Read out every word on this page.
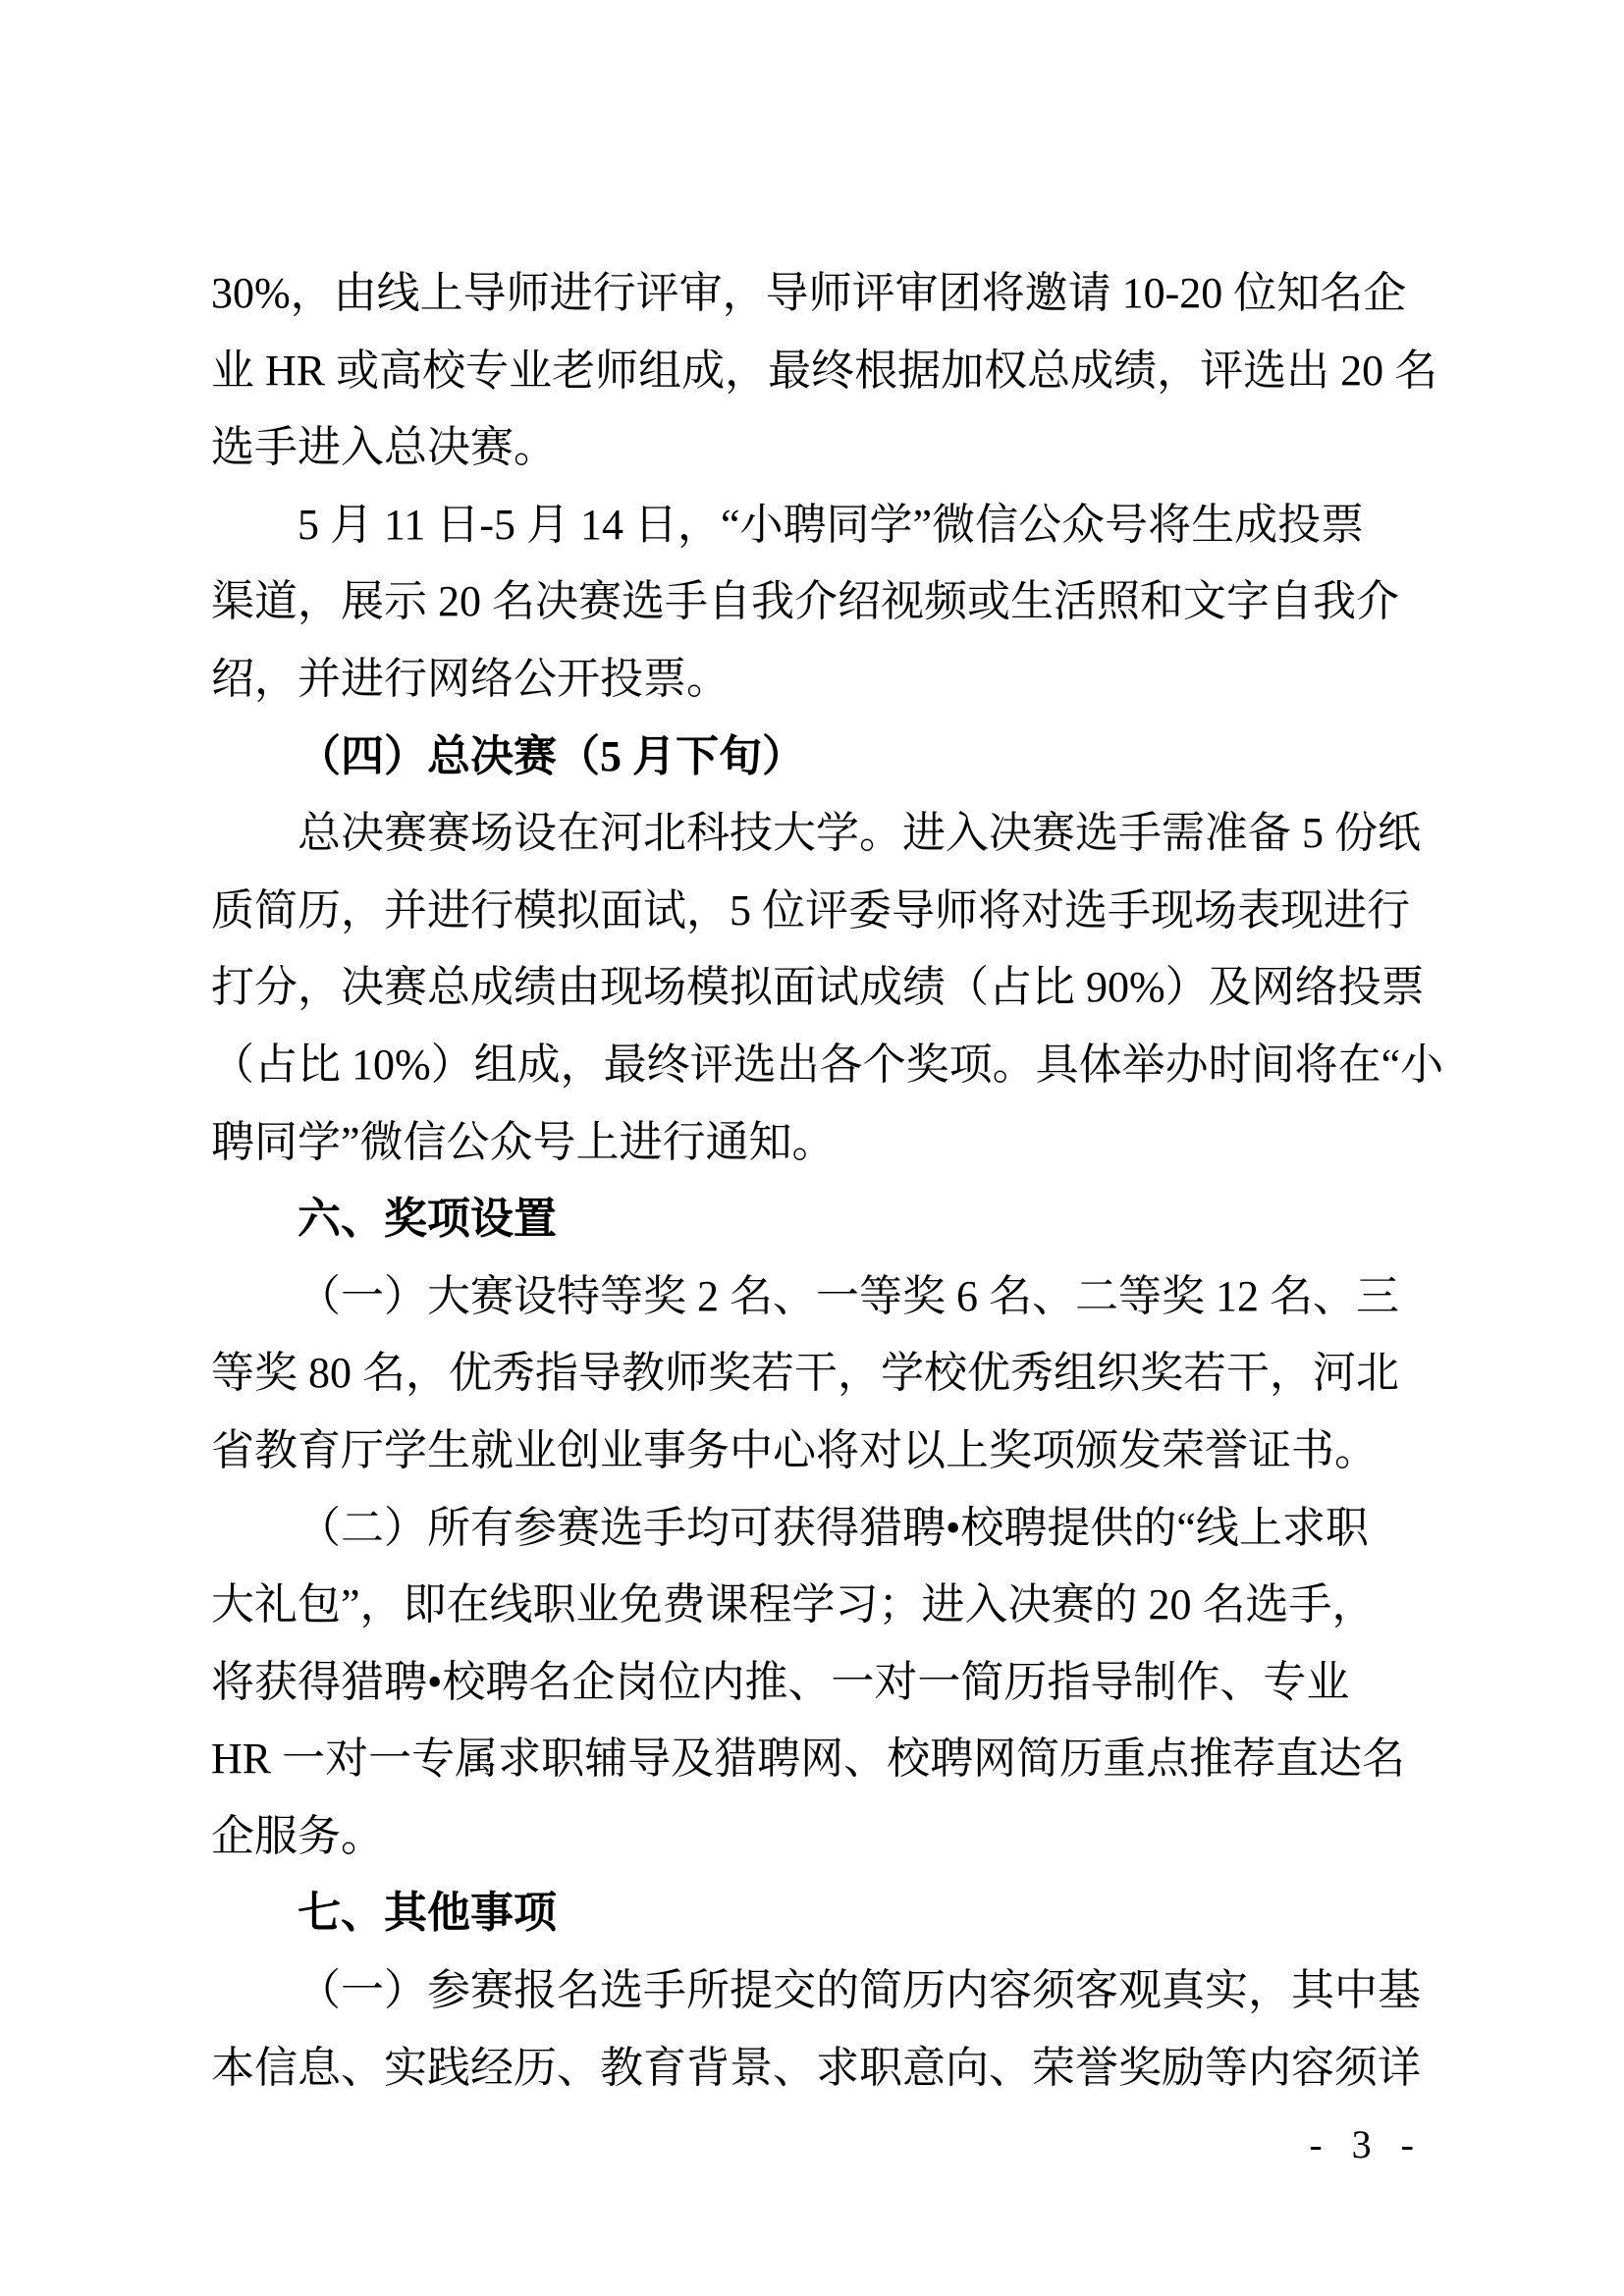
30%，由线上导师进行评审，导师评审团将邀请 10-20 位知名企
业 HR 或高校专业老师组成，最终根据加权总成绩，评选出 20 名
选手进入总决赛。
5 月 11 日-5 月 14 日，“小聘同学”微信公众号将生成投票
渠道，展示 20 名决赛选手自我介绍视频或生活照和文字自我介
绍，并进行网络公开投票。
（四）总决赛（5 月下旬）
总决赛赛场设在河北科技大学。进入决赛选手需准备 5 份纸
质简历，并进行模拟面试，5 位评委导师将对选手现场表现进行
打分，决赛总成绩由现场模拟面试成绩（占比 90%）及网络投票
（占比 10%）组成，最终评选出各个奖项。具体举办时间将在“小
聘同学”微信公众号上进行通知。
六、奖项设置
（一）大赛设特等奖 2 名、一等奖 6 名、二等奖 12 名、三
等奖 80 名，优秀指导教师奖若干，学校优秀组织奖若干，河北
省教育厅学生就业创业事务中心将对以上奖项颁发荣誉证书。
（二）所有参赛选手均可获得猎聘•校聘提供的“线上求职
大礼包”，即在线职业免费课程学习；进入决赛的 20 名选手，
将获得猎聘•校聘名企岗位内推、一对一简历指导制作、专业
HR 一对一专属求职辅导及猎聘网、校聘网简历重点推荐直达名
企服务。
七、其他事项
（一）参赛报名选手所提交的简历内容须客观真实，其中基
本信息、实践经历、教育背景、求职意向、荣誉奖励等内容须详
- 3 -
